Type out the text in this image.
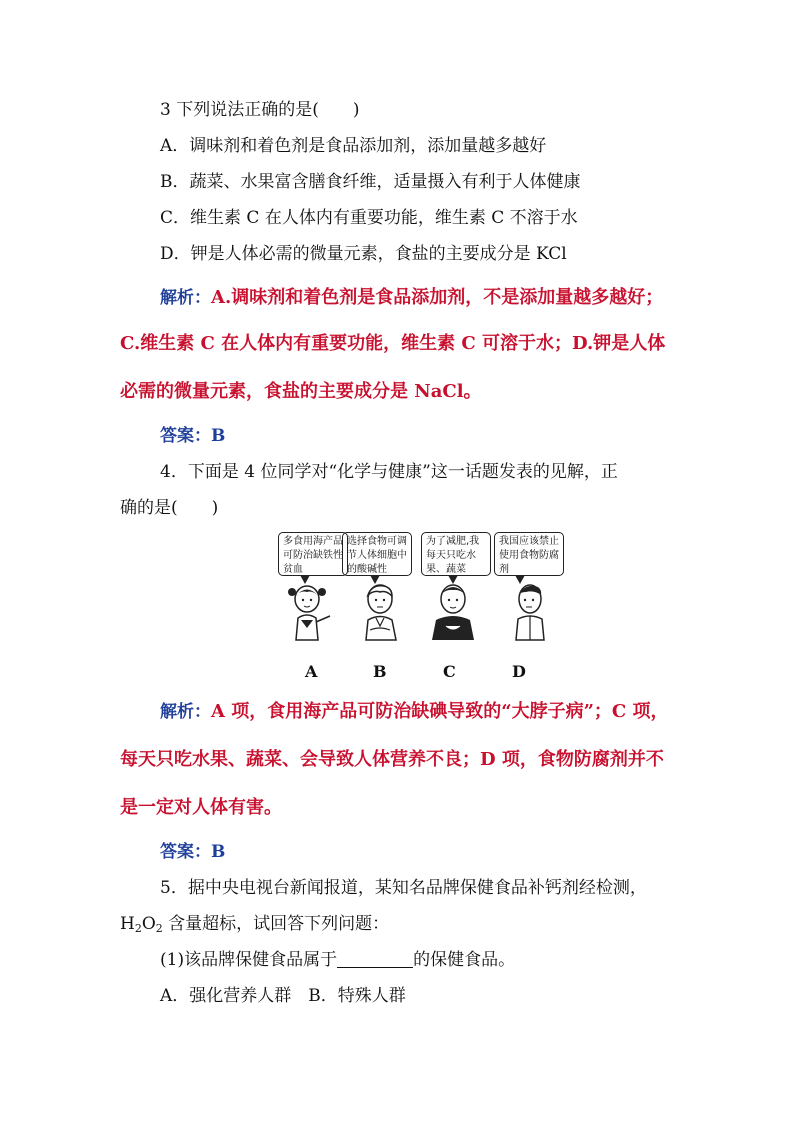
3 下列说法正确的是(　　)
A．调味剂和着色剂是食品添加剂，添加量越多越好
B．蔬菜、水果富含膳食纤维，适量摄入有利于人体健康
C．维生素 C 在人体内有重要功能，维生素 C 不溶于水
D．钾是人体必需的微量元素，食盐的主要成分是 KCl
解析：A.调味剂和着色剂是食品添加剂，不是添加量越多越好；
C.维生素 C 在人体内有重要功能，维生素 C 可溶于水；D.钾是人体
必需的微量元素，食盐的主要成分是 NaCl。
答案：B
4．下面是 4 位同学对“化学与健康”这一话题发表的见解，正
确的是(　　)
多食用海产品可防治缺铁性贫血
选择食物可调节人体细胞中的酸碱性
为了减肥,我每天只吃水果、蔬菜
我国应该禁止使用食物防腐剂
A	B	C	D
解析：A 项，食用海产品可防治缺碘导致的“大脖子病”；C 项，
每天只吃水果、蔬菜、会导致人体营养不良；D 项，食物防腐剂并不
是一定对人体有害。
答案：B
5．据中央电视台新闻报道，某知名品牌保健食品补钙剂经检测，
$H_2O_2$ 含量超标，试回答下列问题：
(1)该品牌保健食品属于	的保健食品。
A．强化营养人群　B．特殊人群
